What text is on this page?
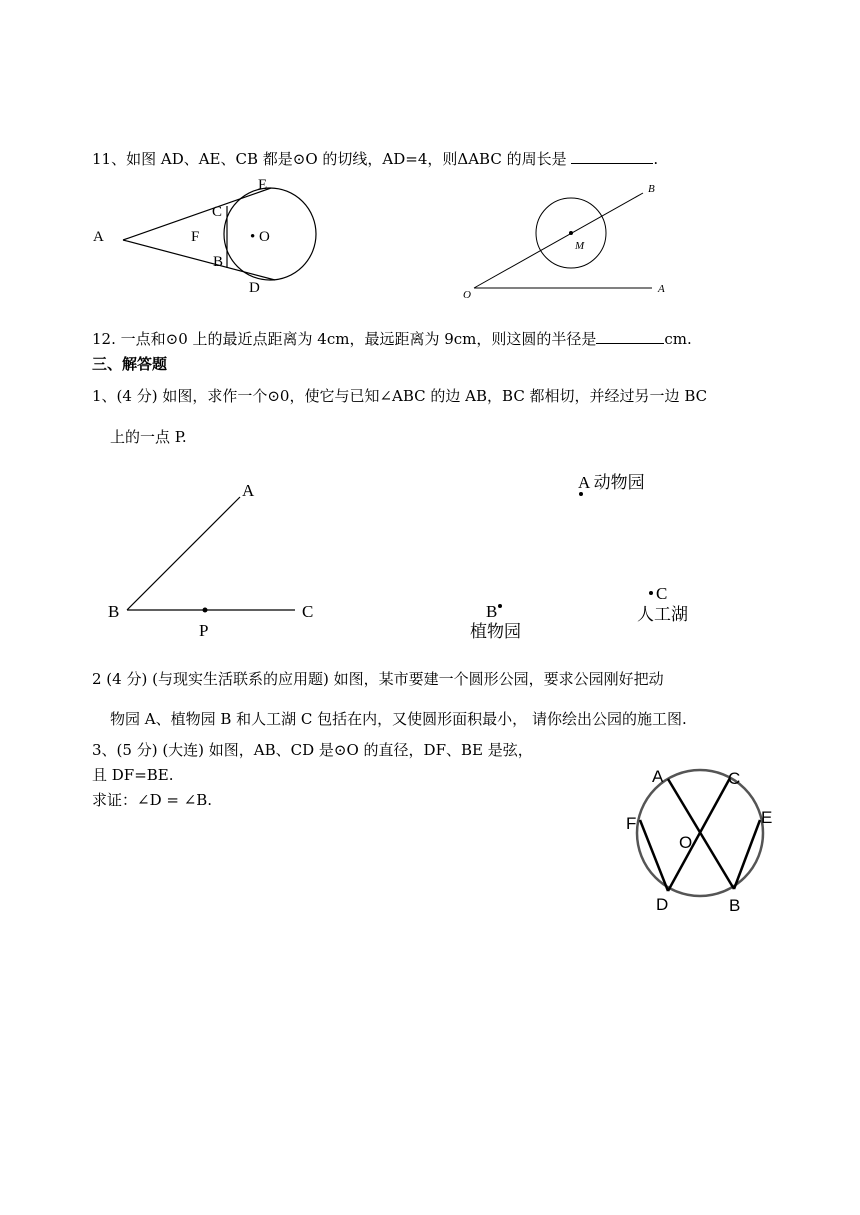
11、如图 AD、AE、CB 都是⊙O 的切线，AD=4，则ΔABC 的周长是	.
A
C
E
F	• O
B
D
B
M
O	A
A
B
P
C
A 动物园
B
植物园
C
人工湖
A	C
F	E
O
D	B
12. 一点和⊙0 上的最近点距离为 4cm，最远距离为 9cm，则这圆的半径是	cm.
三、解答题
1、(4 分) 如图，求作一个⊙0，使它与已知∠ABC 的边 AB，BC 都相切，并经过另一边 BC
上的一点 P.
2 (4 分) (与现实生活联系的应用题) 如图，某市要建一个圆形公园，要求公园刚好把动
物园 A、植物园 B 和人工湖 C 包括在内，又使圆形面积最小， 请你绘出公园的施工图.
3、(5 分) (大连) 如图，AB、CD 是⊙O 的直径，DF、BE 是弦，
且 DF=BE.
求证：∠D = ∠B.
